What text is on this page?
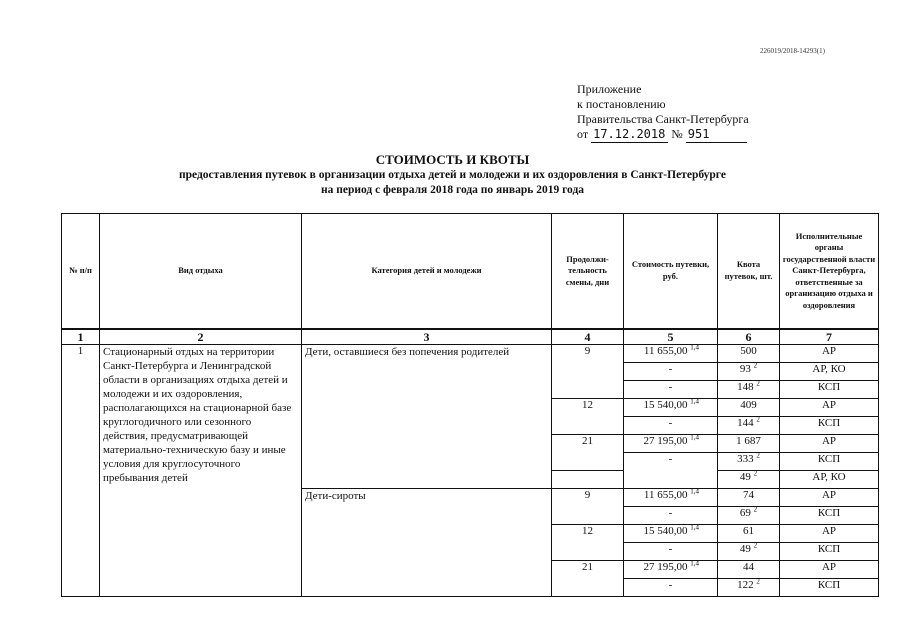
226019/2018-14293(1)
Приложение
к постановлению
Правительства Санкт-Петербурга
от 17.12.2018 № 951
СТОИМОСТЬ И КВОТЫ
предоставления путевок в организации отдыха детей и молодежи и их оздоровления в Санкт-Петербурге
на период с февраля 2018 года по январь 2019 года
№ п/п	Вид отдыха	Категория детей и молодежи	Продолжи-тельность смены, дни	Стоимость путевки, руб.	Квота путевок, шт.	Исполнительные органы государственной власти Санкт-Петербурга, ответственные за организацию отдыха и оздоровления
1	2	3	4	5	6	7
1	Стационарный отдых на территории Санкт-Петербурга и Ленинградской области в организациях отдыха детей и молодежи и их оздоровления, располагающихся на стационарной базе круглогодичного или сезонного действия, предусматривающей материально-техническую базу и иные условия для круглосуточного пребывания детей	Дети, оставшиеся без попечения родителей	9	11 655,00 $^{1,4}$	500	АР
				-	93 $^2$	АР, КО
				-	148 $^2$	КСП
			12	15 540,00 $^{1,4}$	409	АР
				-	144 $^2$	КСП
			21	27 195,00 $^{1,4}$	1 687	АР
				-	333 $^2$	КСП
					49 $^2$	АР, КО
		Дети-сироты	9	11 655,00 $^{1,4}$	74	АР
				-	69 $^2$	КСП
			12	15 540,00 $^{1,4}$	61	АР
				-	49 $^2$	КСП
			21	27 195,00 $^{1,4}$	44	АР
				-	122 $^2$	КСП
